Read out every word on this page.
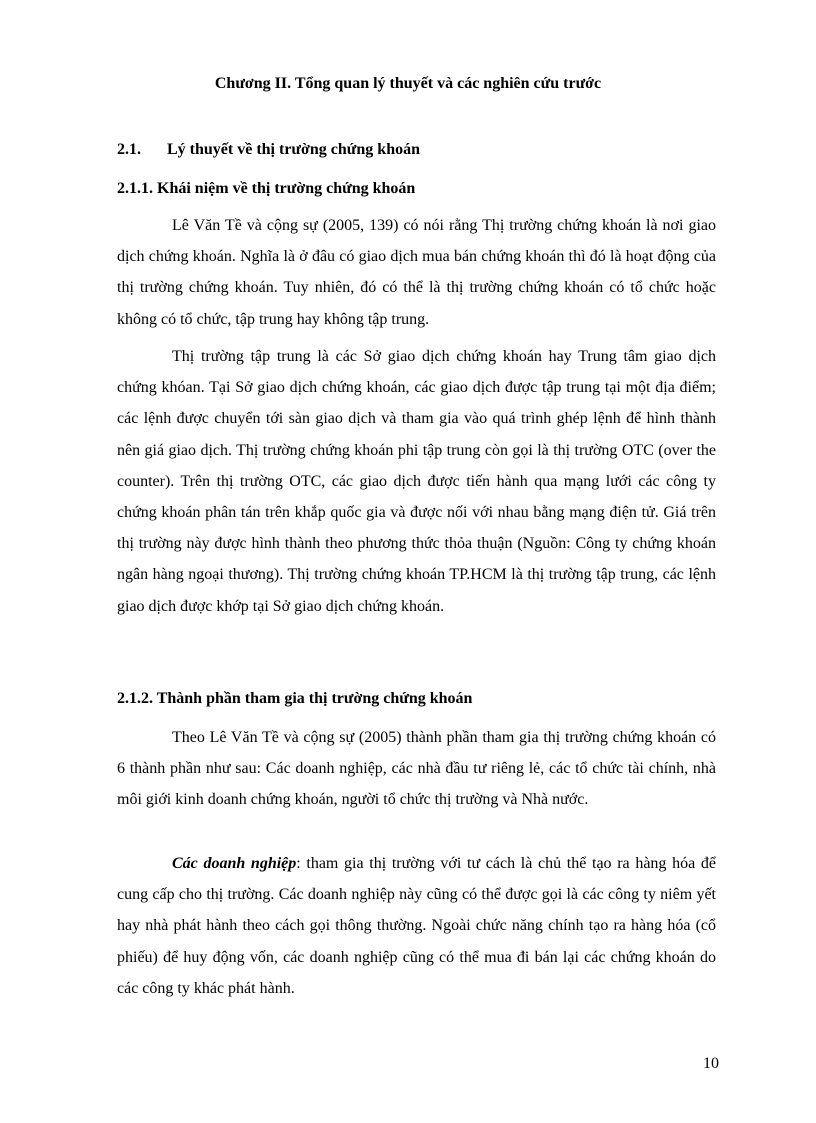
Chương II. Tổng quan lý thuyết và các nghiên cứu trước
2.1. Lý thuyết về thị trường chứng khoán
2.1.1. Khái niệm về thị trường chứng khoán

Lê Văn Tề và cộng sự (2005, 139) có nói rằng Thị trường chứng khoán là nơi giao dịch chứng khoán. Nghĩa là ở đâu có giao dịch mua bán chứng khoán thì đó là hoạt động của thị trường chứng khoán. Tuy nhiên, đó có thể là thị trường chứng khoán có tổ chức hoặc không có tổ chức, tập trung hay không tập trung.

Thị trường tập trung là các Sở giao dịch chứng khoán hay Trung tâm giao dịch chứng khóan. Tại Sở giao dịch chứng khoán, các giao dịch được tập trung tại một địa điểm; các lệnh được chuyển tới sàn giao dịch và tham gia vào quá trình ghép lệnh để hình thành nên giá giao dịch. Thị trường chứng khoán phi tập trung còn gọi là thị trường OTC (over the counter). Trên thị trường OTC, các giao dịch được tiến hành qua mạng lưới các công ty chứng khoán phân tán trên khắp quốc gia và được nối với nhau bằng mạng điện tử. Giá trên thị trường này được hình thành theo phương thức thỏa thuận (Nguồn: Công ty chứng khoán ngân hàng ngoại thương). Thị trường chứng khoán TP.HCM là thị trường tập trung, các lệnh giao dịch được khớp tại Sở giao dịch chứng khoán.

2.1.2. Thành phần tham gia thị trường chứng khoán

Theo Lê Văn Tề và cộng sự (2005) thành phần tham gia thị trường chứng khoán có 6 thành phần như sau: Các doanh nghiệp, các nhà đầu tư riêng lẻ, các tổ chức tài chính, nhà môi giới kinh doanh chứng khoán, người tổ chức thị trường và Nhà nước.

Các doanh nghiệp: tham gia thị trường với tư cách là chủ thể tạo ra hàng hóa để cung cấp cho thị trường. Các doanh nghiệp này cũng có thể được gọi là các công ty niêm yết hay nhà phát hành theo cách gọi thông thường. Ngoài chức năng chính tạo ra hàng hóa (cổ phiếu) để huy động vốn, các doanh nghiệp cũng có thể mua đi bán lại các chứng khoán do các công ty khác phát hành.

10
